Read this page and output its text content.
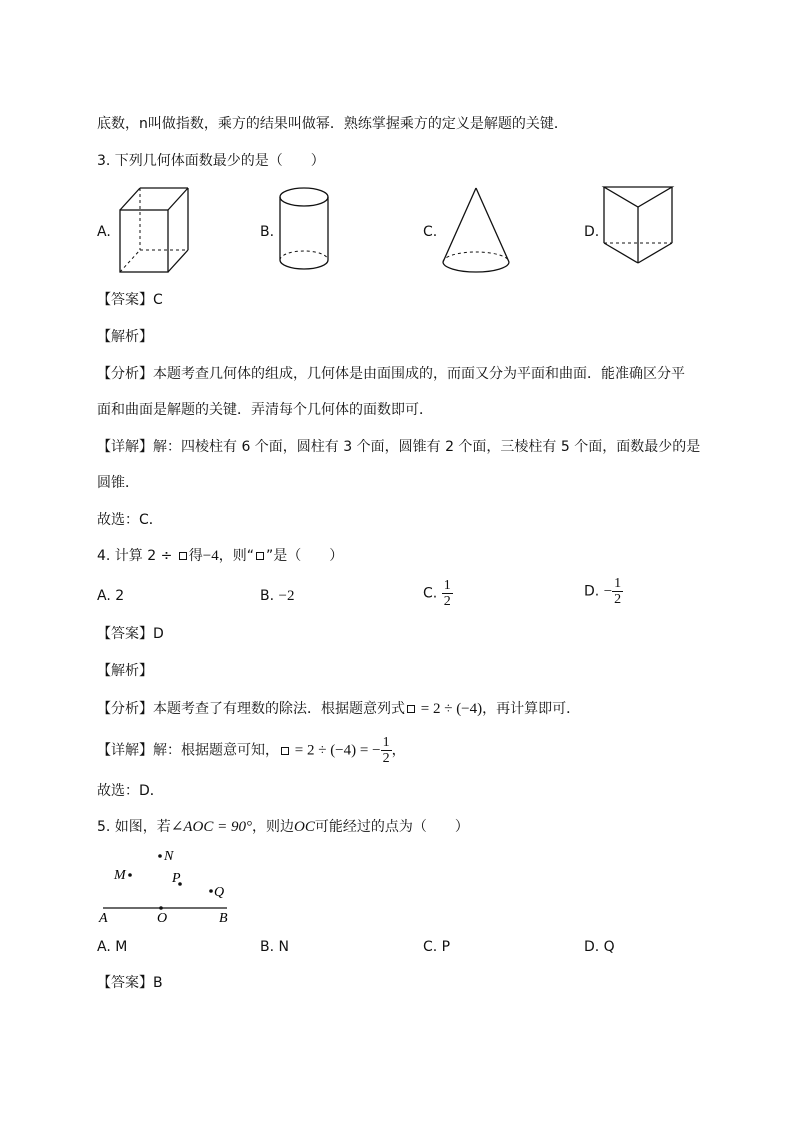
底数，n叫做指数，乘方的结果叫做幂．熟练掌握乘方的定义是解题的关键．
3. 下列几何体面数最少的是（　　）
A.	B.	C.	D.
【答案】C
【解析】
【分析】本题考查几何体的组成，几何体是由面围成的，而面又分为平面和曲面．能准确区分平
面和曲面是解题的关键．弄清每个几何体的面数即可．
【详解】解：四棱柱有 6 个面，圆柱有 3 个面，圆锥有 2 个面，三棱柱有 5 个面，面数最少的是
圆锥．
故选：C．
4. 计算 2 ÷ 得−4，则“ ”是（　　）
A. 2	B. −2	C. $\frac{1}{2}$	D. − $\frac{1}{2}$
【答案】D
【解析】
【分析】本题考查了有理数的除法．根据题意列式 = 2 ÷ (−4)，再计算即可．
【详解】解：根据题意可知， = 2 ÷ (−4) = − $\frac{1}{2}$ ，
故选：D．
5. 如图，若∠AOC = 90°，则边OC可能经过的点为（　　）
N
M	P
Q
A	O	B
A. M	B. N	C. P	D. Q
【答案】B
